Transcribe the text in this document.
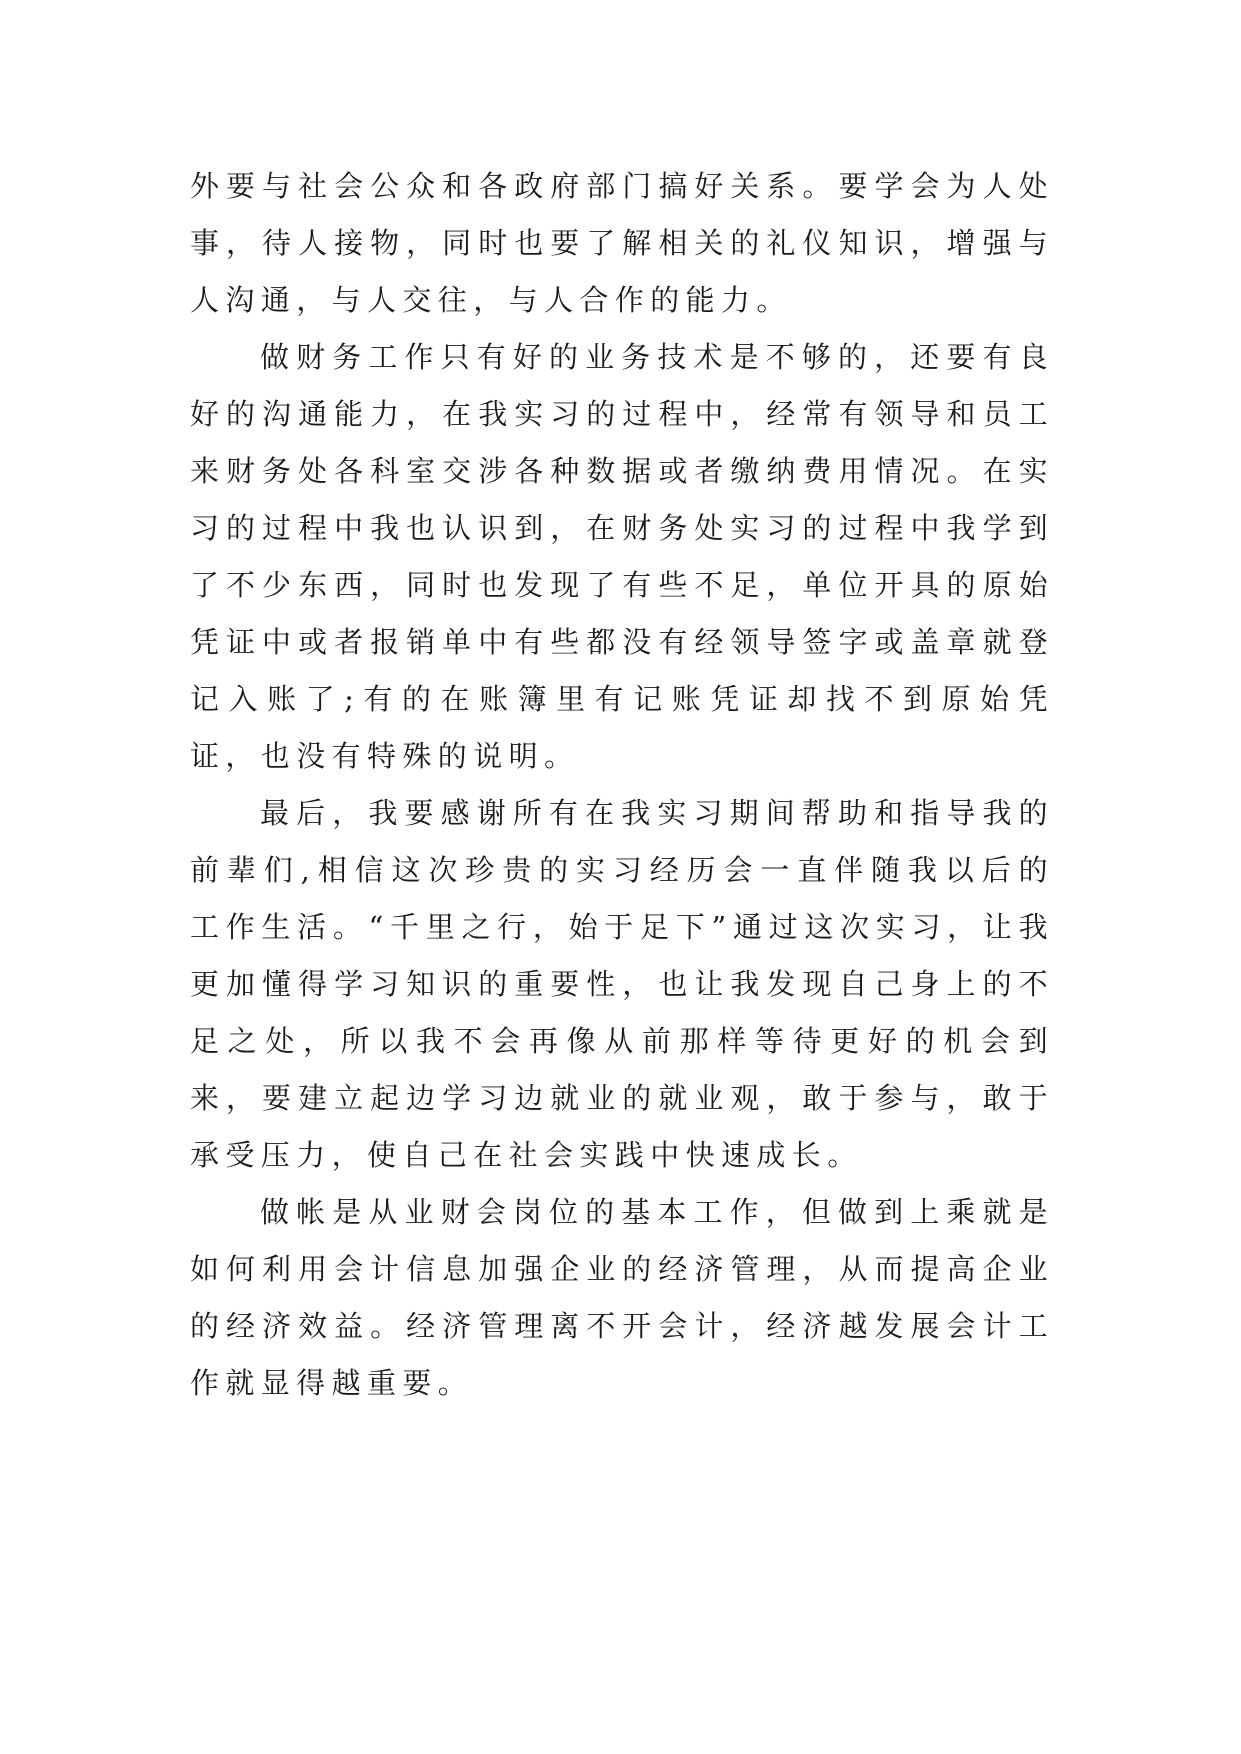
外要与社会公众和各政府部门搞好关系。要学会为人处事，待人接物，同时也要了解相关的礼仪知识，增强与人沟通，与人交往，与人合作的能力。

做财务工作只有好的业务技术是不够的，还要有良好的沟通能力，在我实习的过程中，经常有领导和员工来财务处各科室交涉各种数据或者缴纳费用情况。在实习的过程中我也认识到，在财务处实习的过程中我学到了不少东西，同时也发现了有些不足，单位开具的原始凭证中或者报销单中有些都没有经领导签字或盖章就登记入账了;有的在账簿里有记账凭证却找不到原始凭证，也没有特殊的说明。

最后，我要感谢所有在我实习期间帮助和指导我的前辈们,相信这次珍贵的实习经历会一直伴随我以后的工作生活。“千里之行，始于足下”通过这次实习，让我更加懂得学习知识的重要性，也让我发现自己身上的不足之处，所以我不会再像从前那样等待更好的机会到来，要建立起边学习边就业的就业观，敢于参与，敢于承受压力，使自己在社会实践中快速成长。

做帐是从业财会岗位的基本工作，但做到上乘就是如何利用会计信息加强企业的经济管理，从而提高企业的经济效益。经济管理离不开会计，经济越发展会计工作就显得越重要。
